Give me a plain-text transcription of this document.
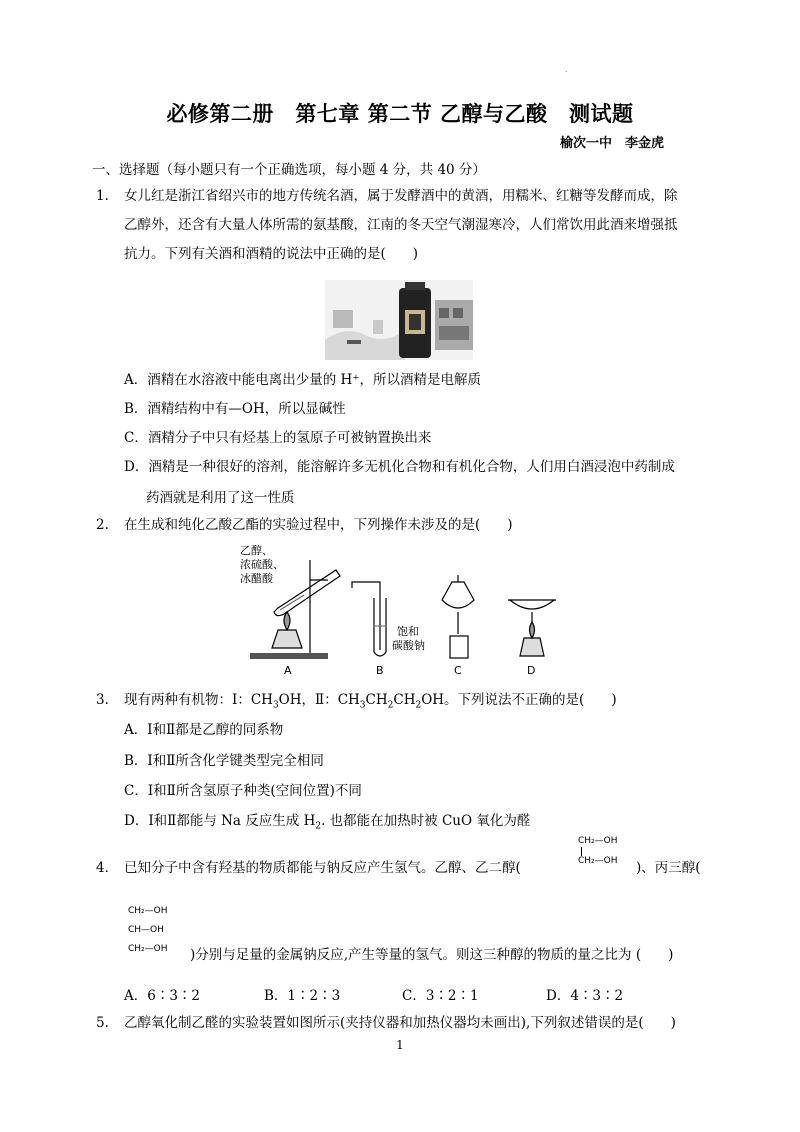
.
必修第二册　第七章 第二节 乙醇与乙酸　测试题
榆次一中　李金虎
一、选择题（每小题只有一个正确选项，每小题 4 分，共 40 分）
1. 女儿红是浙江省绍兴市的地方传统名酒，属于发酵酒中的黄酒，用糯米、红糖等发酵而成，除
乙醇外，还含有大量人体所需的氨基酸，江南的冬天空气潮湿寒冷，人们常饮用此酒来增强抵
抗力。下列有关酒和酒精的说法中正确的是(　　)
A．酒精在水溶液中能电离出少量的 H⁺，所以酒精是电解质
B．酒精结构中有—OH，所以显碱性
C．酒精分子中只有烃基上的氢原子可被钠置换出来
D．酒精是一种很好的溶剂，能溶解许多无机化合物和有机化合物，人们用白酒浸泡中药制成
药酒就是利用了这一性质
2. 在生成和纯化乙酸乙酯的实验过程中，下列操作未涉及的是(　　)
乙醇、
浓硫酸、
冰醋酸
饱和
碳酸钠
A	B	C	D
3. 现有两种有机物：Ⅰ：$CH_3OH$，Ⅱ：$CH_3CH_2CH_2OH$。下列说法不正确的是(　　)
A．Ⅰ和Ⅱ都是乙醇的同系物
B．Ⅰ和Ⅱ所含化学键类型完全相同
C．Ⅰ和Ⅱ所含氢原子种类(空间位置)不同
D．Ⅰ和Ⅱ都能与 Na 反应生成 $H_2$. 也都能在加热时被 CuO 氧化为醛
CH₂—OH
CH₂—OH
4． 已知分子中含有羟基的物质都能与钠反应产生氢气。乙醇、乙二醇(	)、丙三醇(
CH₂—OH
CH—OH
CH₂—OH )分别与足量的金属钠反应,产生等量的氢气。则这三种醇的物质的量之比为 (　　)
A．6∶3∶2	B．1∶2∶3	C．3∶2∶1	D．4∶3∶2
5. 乙醇氧化制乙醛的实验装置如图所示(夹持仪器和加热仪器均未画出),下列叙述错误的是(　　)
1
